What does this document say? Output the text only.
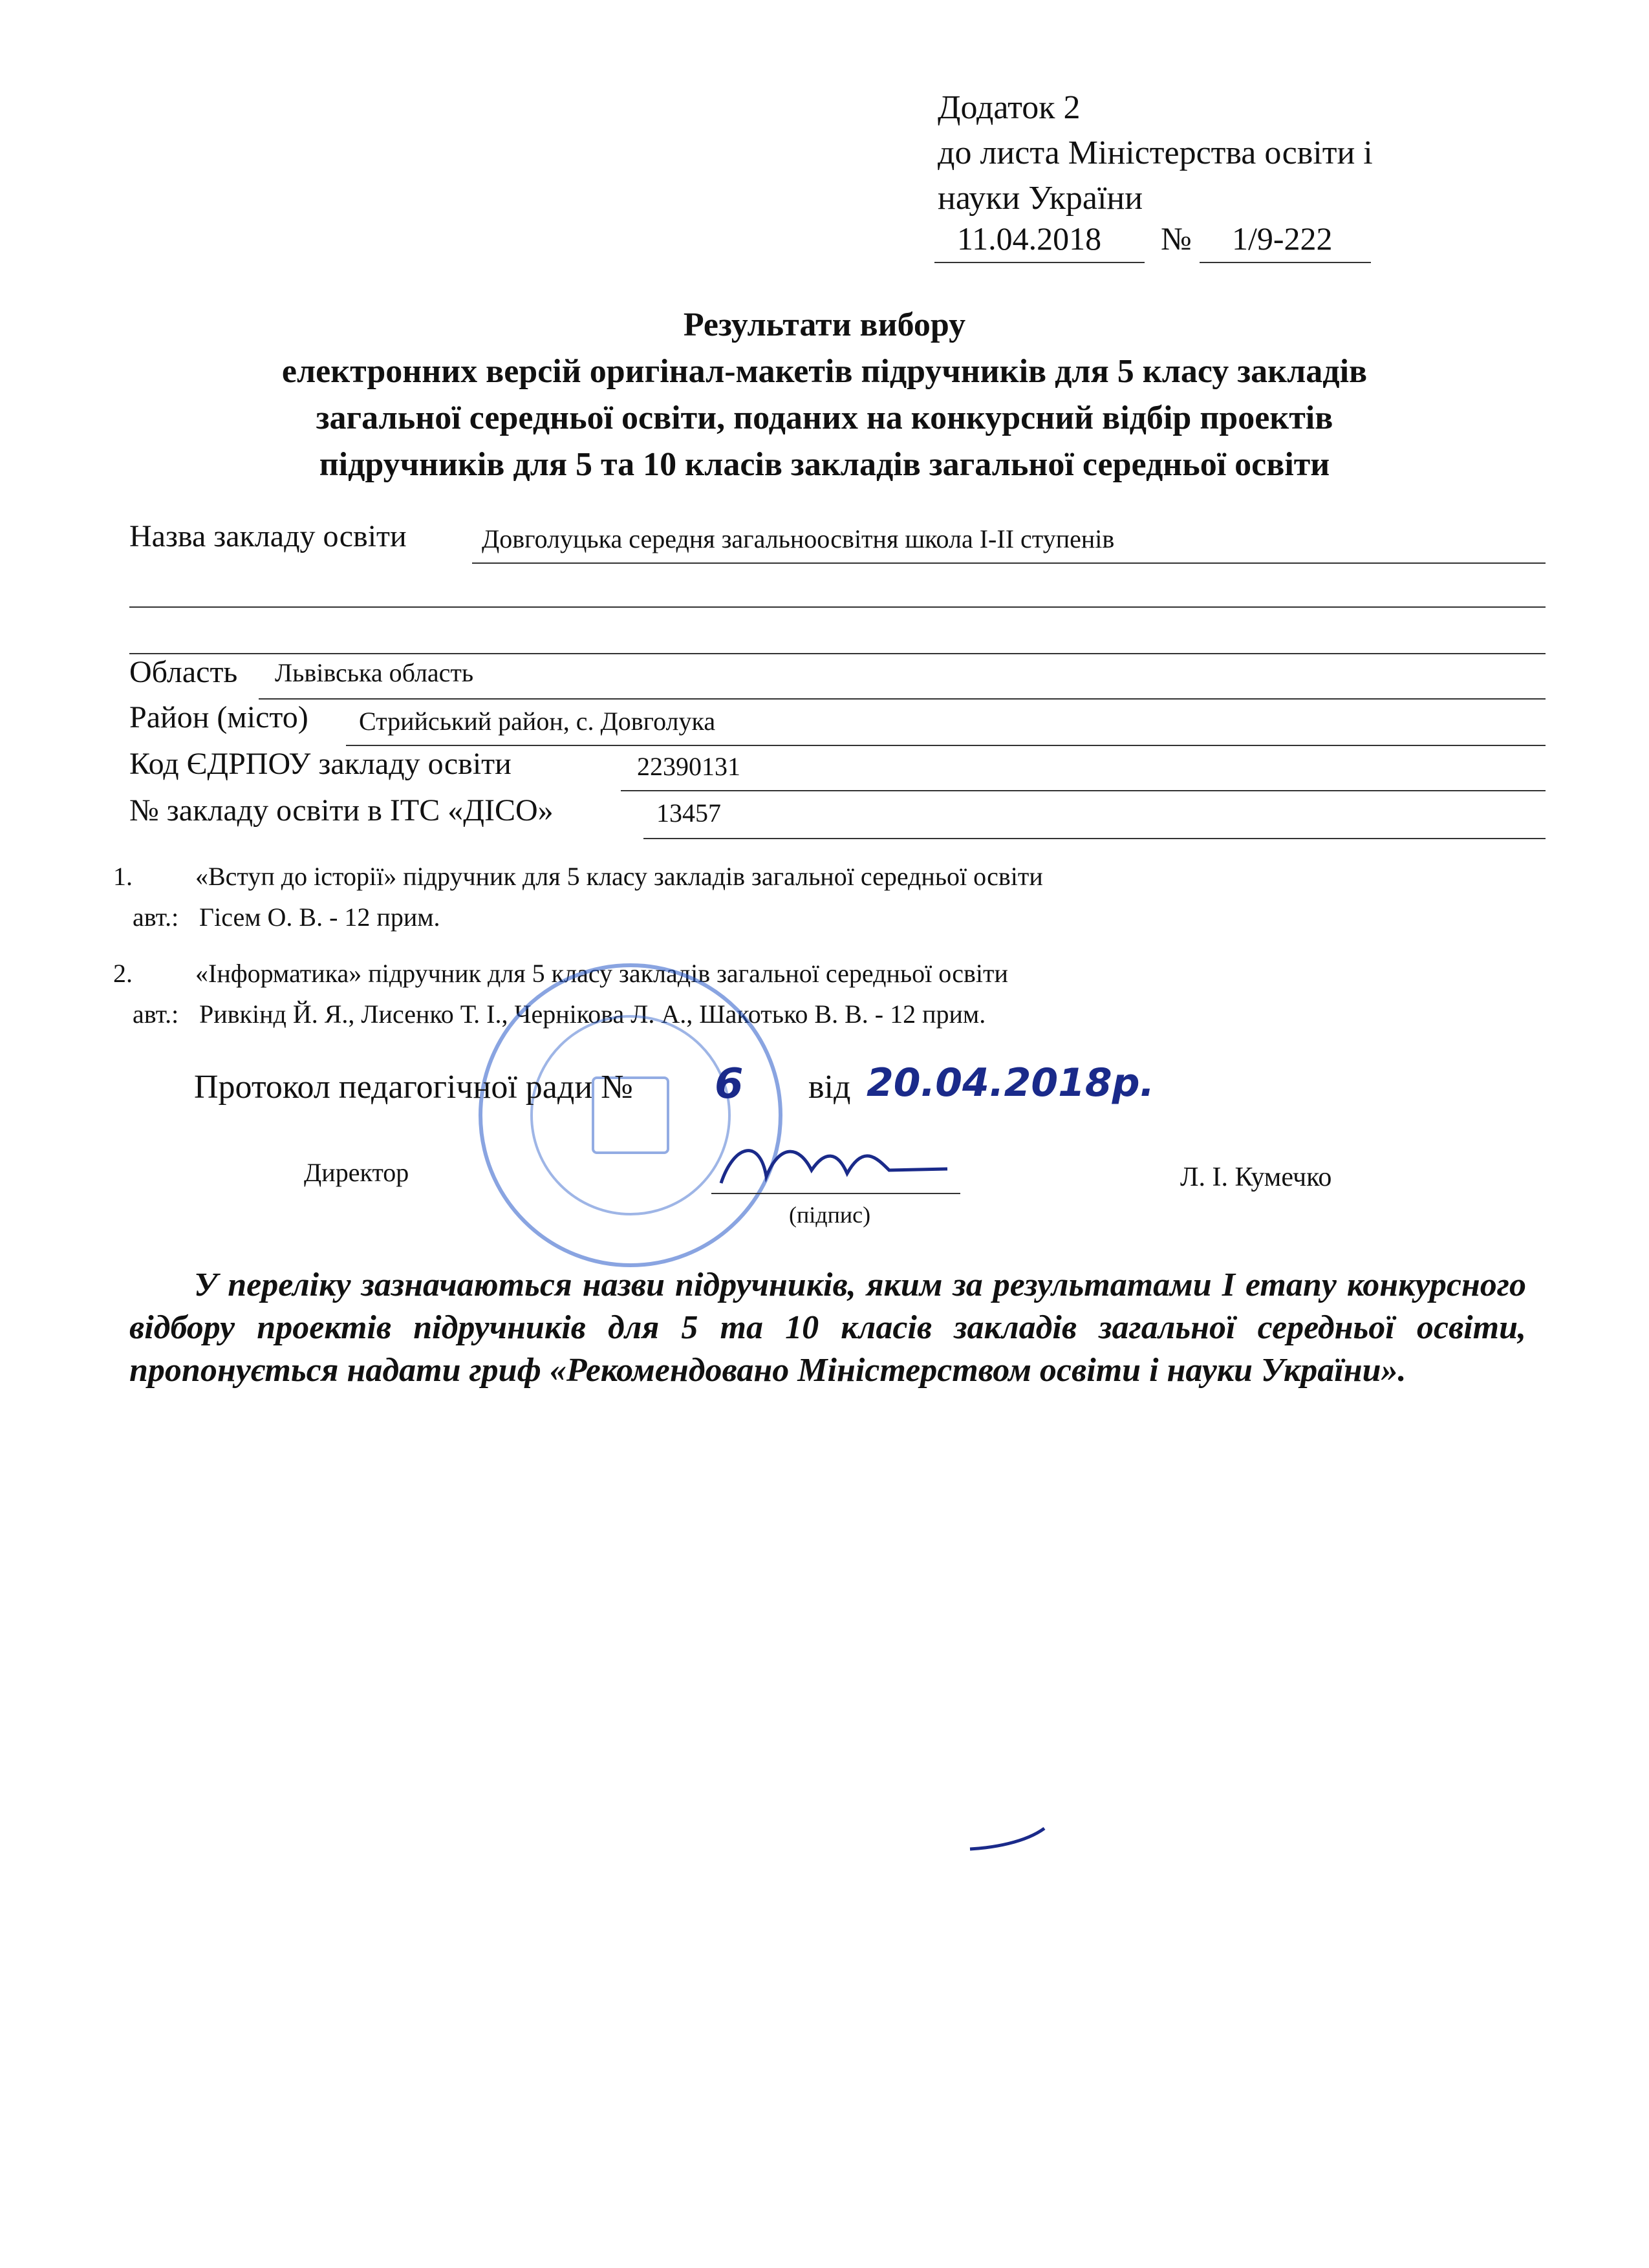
Додаток 2
до листа Міністерства освіти і
науки України
11.04.2018 № 1/9-222
Результати вибору
електронних версій оригінал-макетів підручників для 5 класу закладів
загальної середньої освіти, поданих на конкурсний відбір проектів
підручників для 5 та 10 класів закладів загальної середньої освіти
Назва закладу освіти	Довголуцька середня загальноосвітня школа І-ІІ ступенів
Область Львівська область
Район (місто) Стрийський район, с. Довголука
Код ЄДРПОУ закладу освіти	22390131
№ закладу освіти в ІТС «ДІСО»	13457
1. «Вступ до історії» підручник для 5 класу закладів загальної середньої освіти
авт.: Гісем О. В. - 12 прим.
2. «Інформатика» підручник для 5 класу закладів загальної середньої освіти
авт.: Ривкінд Й. Я., Лисенко Т. І., Чернікова Л. А., Шакотько В. В. - 12 прим.
Протокол педагогічної ради № 6 від 20.04.2018р.
Директор
(підпис)
Л. І. Кумечко
У переліку зазначаються назви підручників, яким за результатами І етапу конкурсного відбору проектів підручників для 5 та 10 класів закладів загальної середньої освіти, пропонується надати гриф «Рекомендовано Міністерством освіти і науки України».
